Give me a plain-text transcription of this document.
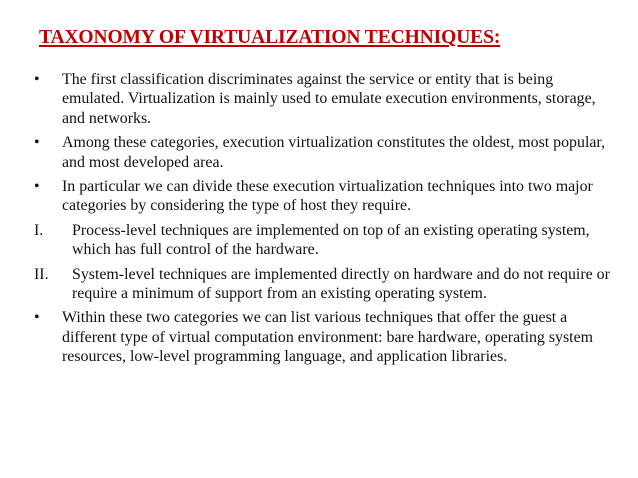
TAXONOMY OF VIRTUALIZATION TECHNIQUES:
•	The first classification discriminates against the service or entity that is being emulated. Virtualization is mainly used to emulate execution environments, storage, and networks.
•	Among these categories, execution virtualization constitutes the oldest, most popular, and most developed area.
•	In particular we can divide these execution virtualization techniques into two major categories by considering the type of host they require.
I.	Process-level techniques are implemented on top of an existing operating system, which has full control of the hardware.
II.	System-level techniques are implemented directly on hardware and do not require or require a minimum of support from an existing operating system.
•	Within these two categories we can list various techniques that offer the guest a different type of virtual computation environment: bare hardware, operating system resources, low-level programming language, and application libraries.
